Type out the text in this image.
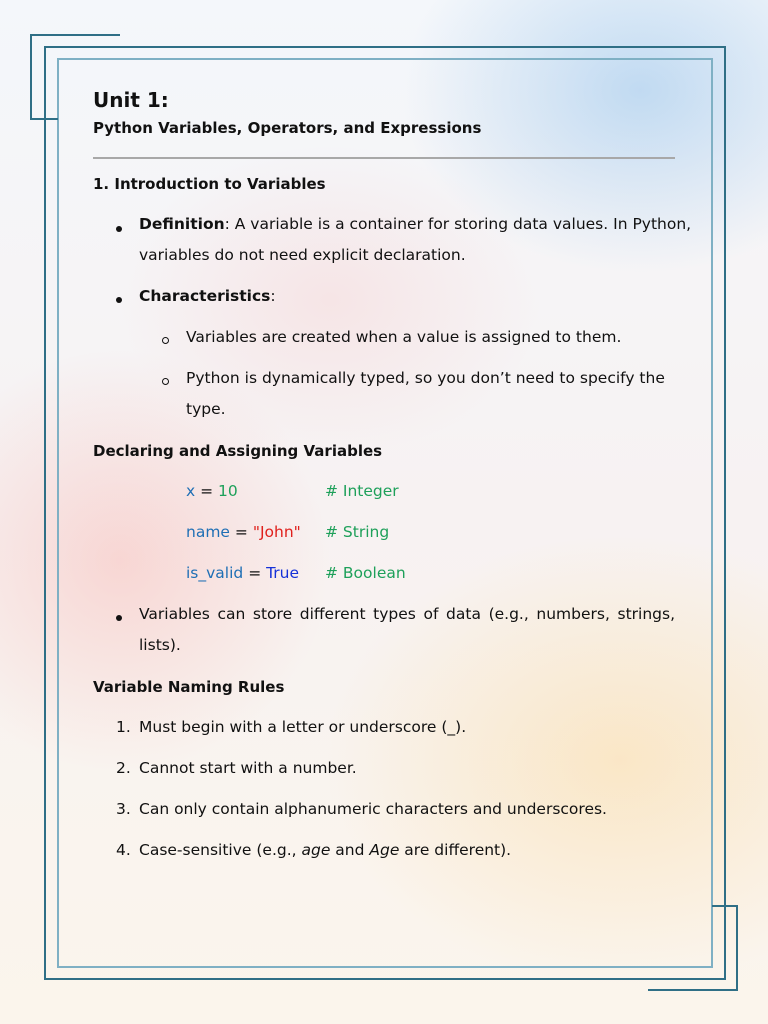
Unit 1:
Python Variables, Operators, and Expressions
1. Introduction to Variables
Definition: A variable is a container for storing data values. In Python,
variables do not need explicit declaration.
Characteristics:
Variables are created when a value is assigned to them.
Python is dynamically typed, so you don’t need to specify the
type.
Declaring and Assigning Variables
x = 10	# Integer
name = "John" # String
is_valid = True # Boolean
Variables can store different types of data (e.g., numbers, strings,
lists).
Variable Naming Rules
1. Must begin with a letter or underscore (_).
2. Cannot start with a number.
3. Can only contain alphanumeric characters and underscores.
4. Case-sensitive (e.g., age and Age are different).
